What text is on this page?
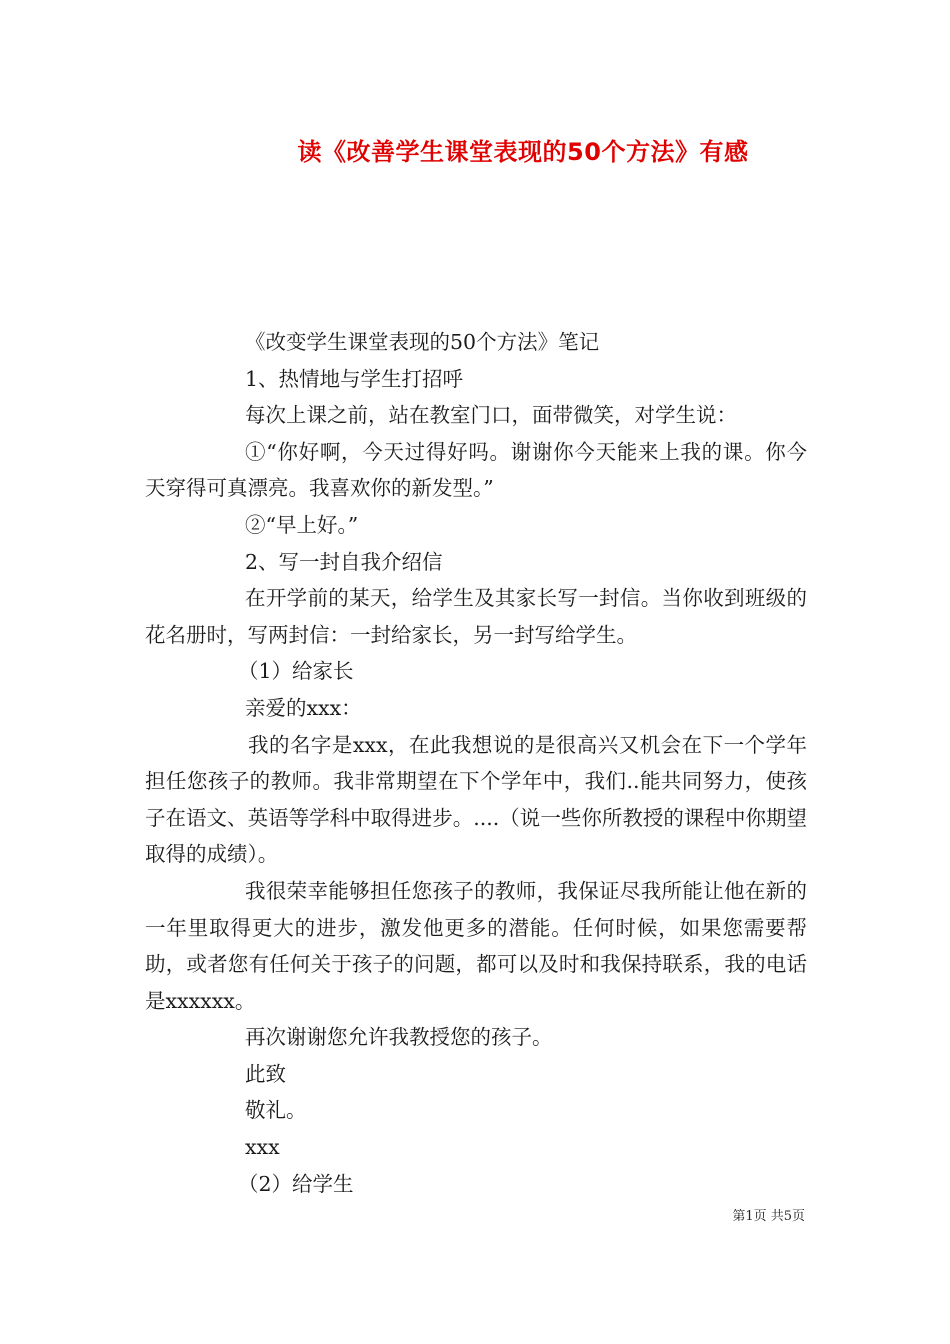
读《改善学生课堂表现的50个方法》有感

《改变学生课堂表现的50个方法》笔记

1、热情地与学生打招呼

每次上课之前，站在教室门口，面带微笑，对学生说：

①“你好啊，今天过得好吗。谢谢你今天能来上我的课。你今天穿得可真漂亮。我喜欢你的新发型。”

②“早上好。”

2、写一封自我介绍信

在开学前的某天，给学生及其家长写一封信。当你收到班级的花名册时，写两封信：一封给家长，另一封写给学生。

（1）给家长

亲爱的xxx：

我的名字是xxx，在此我想说的是很高兴又机会在下一个学年担任您孩子的教师。我非常期望在下个学年中，我们..能共同努力，使孩子在语文、英语等学科中取得进步。....（说一些你所教授的课程中你期望取得的成绩）。

我很荣幸能够担任您孩子的教师，我保证尽我所能让他在新的一年里取得更大的进步，激发他更多的潜能。任何时候，如果您需要帮助，或者您有任何关于孩子的问题，都可以及时和我保持联系，我的电话是xxxxxx。

再次谢谢您允许我教授您的孩子。

此致

敬礼。

xxx

（2）给学生

第1页 共5页
